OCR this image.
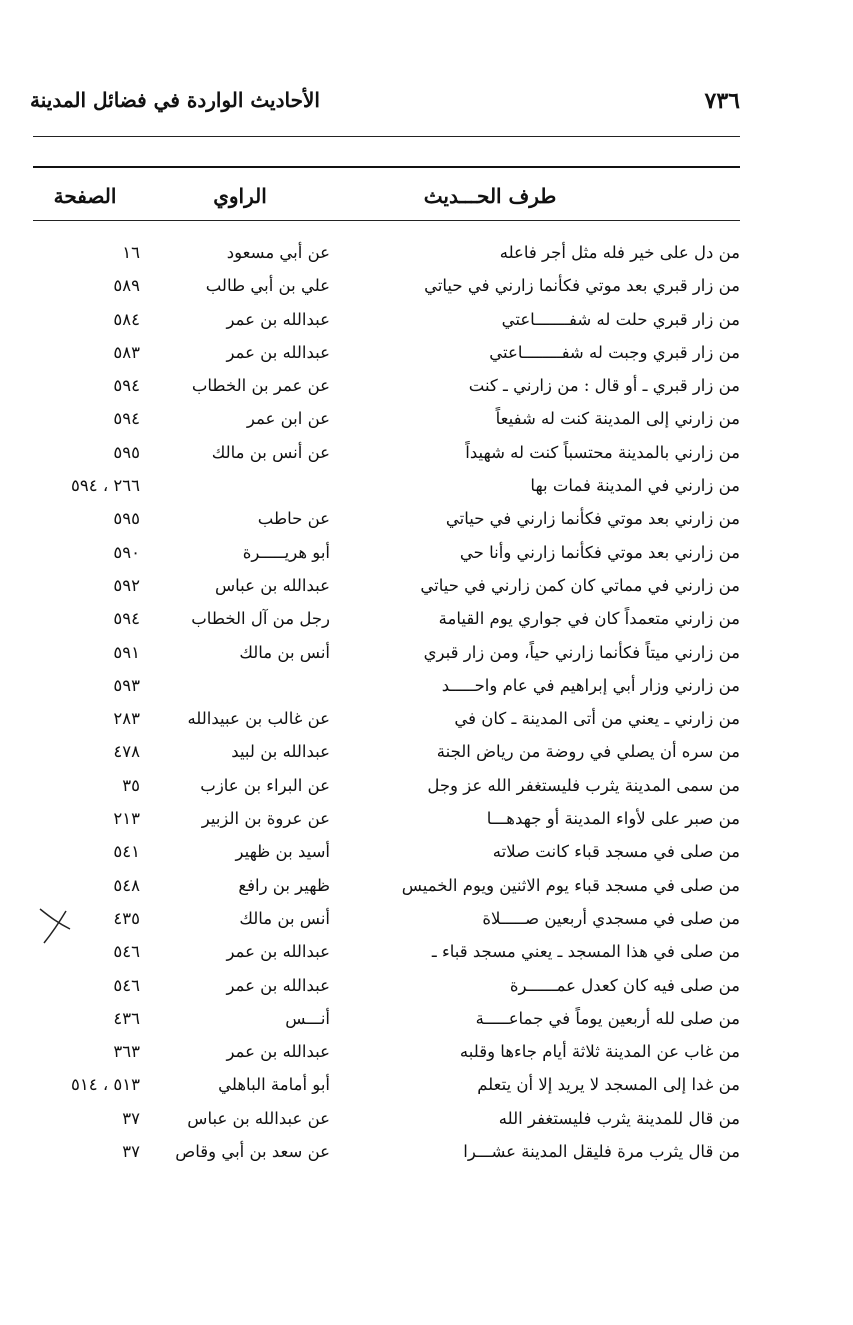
٧٣٦
الأحاديث الواردة في فضائل المدينة
طرف الحـــديث
الراوي
الصفحة
من دل على خير فله مثل أجر فاعله
عن أبي مسعود
١٦
من زار قبري بعد موتي فكأنما زارني في حياتي
علي بن أبي طالب
٥٨٩
من زار قبري حلت له شفـــــــاعتي
عبدالله بن عمر
٥٨٤
من زار قبري وجبت له شفــــــــاعتي
عبدالله بن عمر
٥٨٣
من زار قبري ـ أو قال : من زارني ـ كنت
عن عمر بن الخطاب
٥٩٤
من زارني إلى المدينة كنت له شفيعاً
عن ابن عمر
٥٩٤
من زارني بالمدينة محتسباً كنت له شهيداً
عن أنس بن مالك
٥٩٥
من زارني في المدينة فمات بها
٢٦٦ ، ٥٩٤
من زارني بعد موتي فكأنما زارني في حياتي
عن حاطب
٥٩٥
من زارني بعد موتي فكأنما زارني وأنا حي
أبو هريـــــرة
٥٩٠
من زارني في مماتي كان كمن زارني في حياتي
عبدالله بن عباس
٥٩٢
من زارني متعمداً كان في جواري يوم القيامة
رجل من آل الخطاب
٥٩٤
من زارني ميتاً فكأنما زارني حياً، ومن زار قبري
أنس بن مالك
٥٩١
من زارني وزار أبي إبراهيم في عام واحـــــد
٥٩٣
من زارني ـ يعني من أتى المدينة ـ كان في
عن غالب بن عبيدالله
٢٨٣
من سره أن يصلي في روضة من رياض الجنة
عبدالله بن لبيد
٤٧٨
من سمى المدينة يثرب فليستغفر الله عز وجل
عن البراء بن عازب
٣٥
من صبر على لأواء المدينة أو جهدهـــا
عن عروة بن الزبير
٢١٣
من صلى في مسجد قباء كانت صلاته
أسيد بن ظهير
٥٤١
من صلى في مسجد قباء يوم الاثنين ويوم الخميس
ظهير بن رافع
٥٤٨
من صلى في مسجدي أربعين صـــــلاة
أنس بن مالك
٤٣٥
من صلى في هذا المسجد ـ يعني مسجد قباء ـ
عبدالله بن عمر
٥٤٦
من صلى فيه كان كعدل عمــــــرة
عبدالله بن عمر
٥٤٦
من صلى لله أربعين يوماً في جماعـــــة
أنـــس
٤٣٦
من غاب عن المدينة ثلاثة أيام جاءها وقلبه
عبدالله بن عمر
٣٦٣
من غدا إلى المسجد لا يريد إلا أن يتعلم
أبو أمامة الباهلي
٥١٣ ، ٥١٤
من قال للمدينة يثرب فليستغفر الله
عن عبدالله بن عباس
٣٧
من قال يثرب مرة فليقل المدينة عشـــرا
عن سعد بن أبي وقاص
٣٧
